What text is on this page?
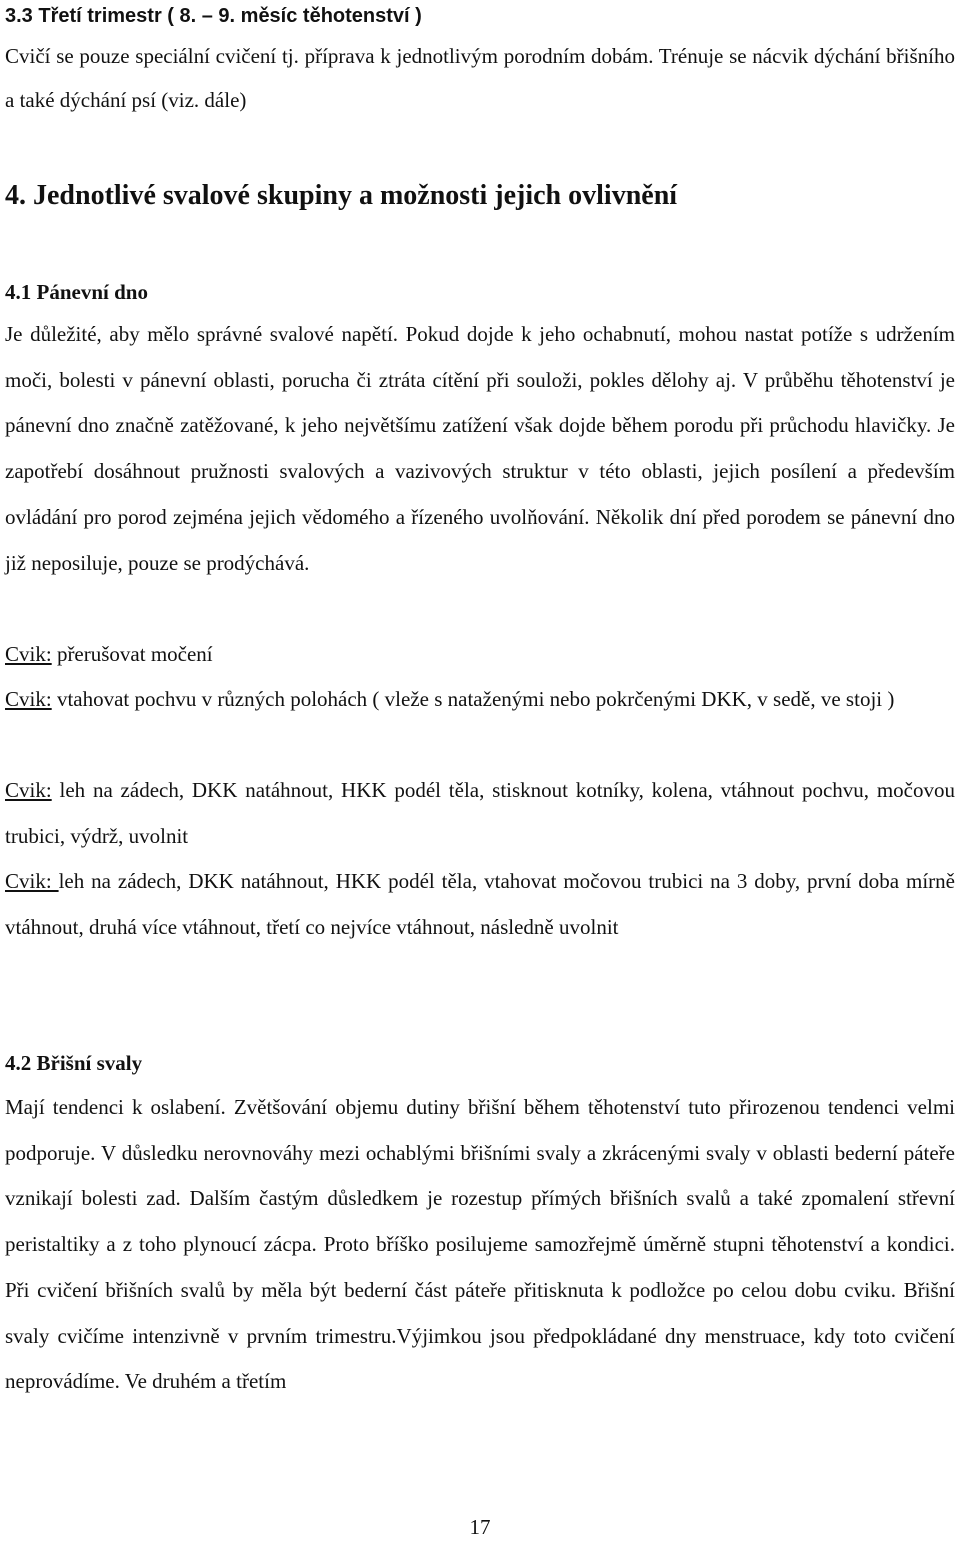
3.3 Třetí trimestr ( 8. – 9. měsíc těhotenství )

Cvičí se pouze speciální cvičení tj. příprava k jednotlivým porodním dobám. Trénuje se nácvik dýchání břišního a také dýchání psí (viz. dále)

4. Jednotlivé svalové skupiny a možnosti jejich ovlivnění
4.1 Pánevní dno

Je důležité, aby mělo správné svalové napětí. Pokud dojde k jeho ochabnutí, mohou nastat potíže s udržením moči, bolesti v pánevní oblasti, porucha či ztráta cítění při souloži, pokles dělohy aj. V průběhu těhotenství je pánevní dno značně zatěžované, k jeho největšímu zatížení však dojde během porodu při průchodu hlavičky. Je zapotřebí dosáhnout pružnosti svalových a vazivových struktur v této oblasti, jejich posílení a především ovládání pro porod zejména jejich vědomého a řízeného uvolňování. Několik dní před porodem se pánevní dno již neposiluje, pouze se prodýchává.

Cvik: přerušovat močení

Cvik: vtahovat pochvu v různých polohách ( vleže s nataženými nebo pokrčenými DKK, v sedě, ve stoji )

Cvik: leh na zádech, DKK natáhnout, HKK podél těla, stisknout kotníky, kolena, vtáhnout pochvu, močovou trubici, výdrž, uvolnit

Cvik: leh na zádech, DKK natáhnout, HKK podél těla, vtahovat močovou trubici na 3 doby, první doba mírně vtáhnout, druhá více vtáhnout, třetí co nejvíce vtáhnout, následně uvolnit

4.2 Břišní svaly

Mají tendenci k oslabení. Zvětšování objemu dutiny břišní během těhotenství tuto přirozenou tendenci velmi podporuje. V důsledku nerovnováhy mezi ochablými břišními svaly a zkrácenými svaly v oblasti bederní páteře vznikají bolesti zad. Dalším častým důsledkem je rozestup přímých břišních svalů a také zpomalení střevní peristaltiky a z toho plynoucí zácpa. Proto bříško posilujeme samozřejmě úměrně stupni těhotenství a kondici. Při cvičení břišních svalů by měla být bederní část páteře přitisknuta k podložce po celou dobu cviku. Břišní svaly cvičíme intenzivně v prvním trimestru.Výjimkou jsou předpokládané dny menstruace, kdy toto cvičení neprovádíme. Ve druhém a třetím

17
